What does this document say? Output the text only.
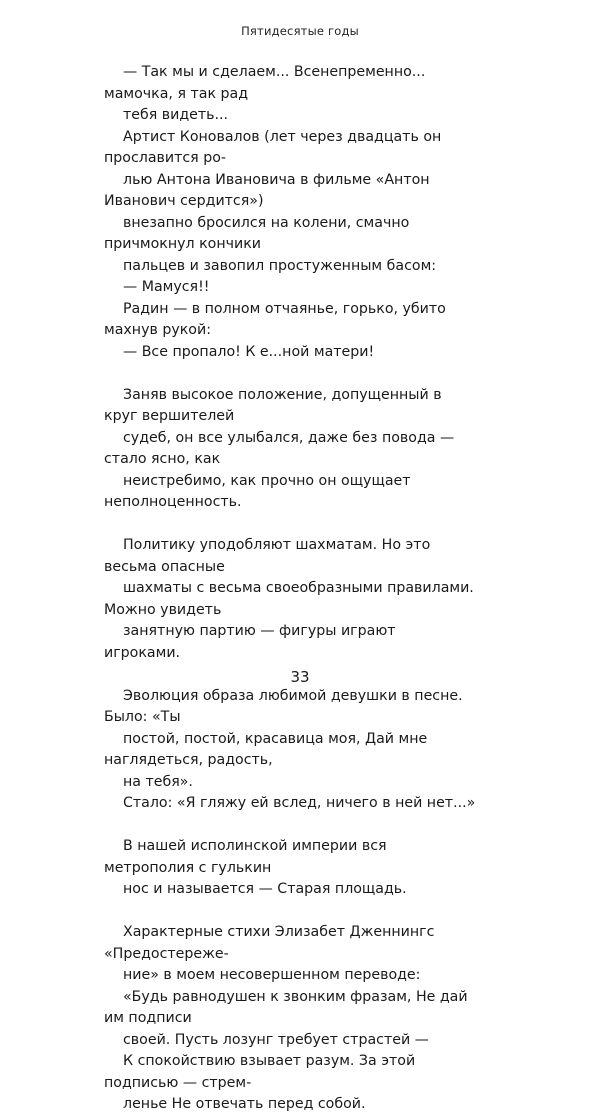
Пятидесятые годы

— Так мы и сделаем... Всенепременно... мамочка, я так рад
тебя видеть...

Артист Коновалов (лет через двадцать он прославится ро-
лью Антона Ивановича в фильме «Антон Иванович сердится»)
внезапно бросился на колени, смачно причмокнул кончики
пальцев и завопил простуженным басом:

— Мамуся!!

Радин — в полном отчаянье, горько, убито махнув рукой:

— Все пропало! К е...ной матери!

Заняв высокое положение, допущенный в круг вершителей
судеб, он все улыбался, даже без повода — стало ясно, как
неистребимо, как прочно он ощущает неполноценность.

Политику уподобляют шахматам. Но это весьма опасные
шахматы с весьма своеобразными правилами. Можно увидеть
занятную партию — фигуры играют игроками.

Эволюция образа любимой девушки в песне. Было: «Ты
постой, постой, красавица моя, Дай мне наглядеться, радость,
на тебя».

Стало: «Я гляжу ей вслед, ничего в ней нет...»

В нашей исполинской империи вся метрополия с гулькин
нос и называется — Старая площадь.

Характерные стихи Элизабет Дженнингс «Предостереже-
ние» в моем несовершенном переводе:

«Будь равнодушен к звонким фразам, Не дай им подписи
своей. Пусть лозунг требует страстей —

К спокойствию взывает разум. За этой подписью — стрем-
ленье Не отвечать перед собой.

33
